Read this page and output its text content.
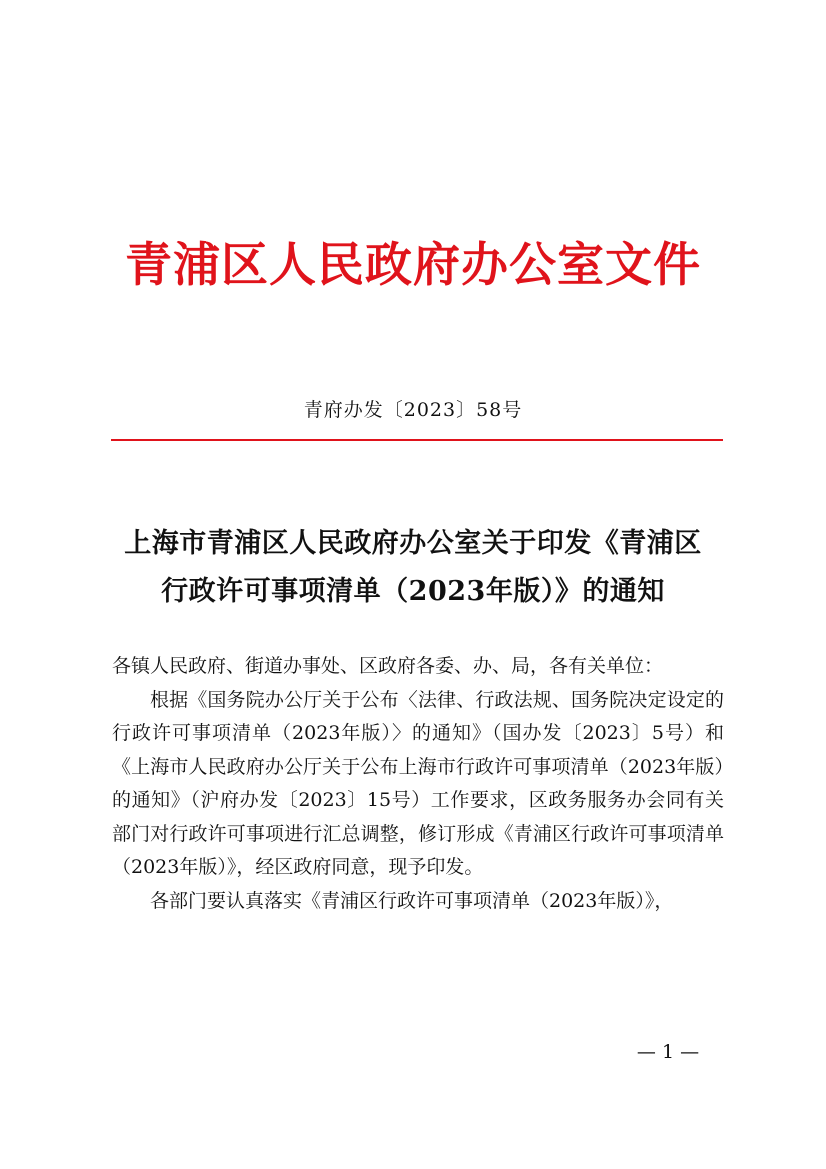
青浦区人民政府办公室文件
青府办发〔2023〕58号
上海市青浦区人民政府办公室关于印发《青浦区
行政许可事项清单（2023年版）》的通知

各镇人民政府、街道办事处、区政府各委、办、局，各有关单位：

根据《国务院办公厅关于公布〈法律、行政法规、国务院决定设定的行政许可事项清单（2023年版）〉的通知》（国办发〔2023〕5号）和《上海市人民政府办公厅关于公布上海市行政许可事项清单（2023年版）的通知》（沪府办发〔2023〕15号）工作要求，区政务服务办会同有关部门对行政许可事项进行汇总调整，修订形成《青浦区行政许可事项清单（2023年版）》，经区政府同意，现予印发。

各部门要认真落实《青浦区行政许可事项清单（2023年版）》，

— 1 —
